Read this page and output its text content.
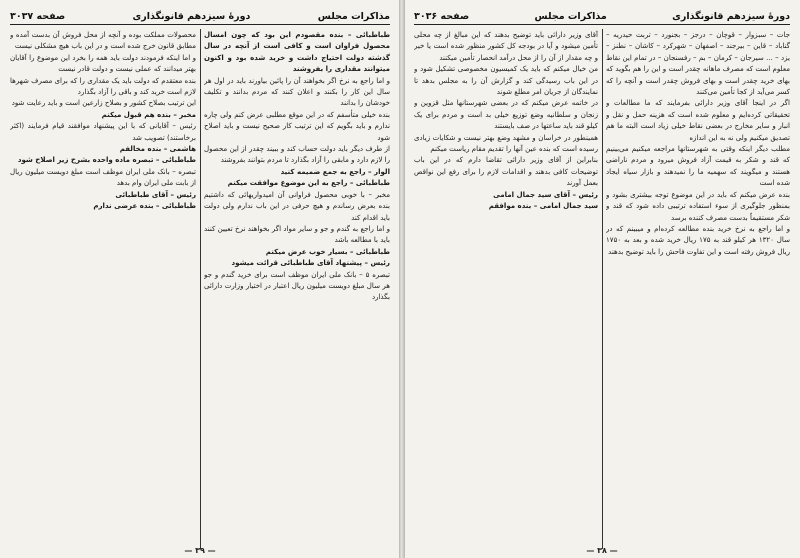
دورهٔ سیزدهم قانونگذاری
مذاکرات مجلس
صفحه ۳۰۳۶

جات – سبزوار – قوچان – درجز – بجنورد – تربت حیدریه – گناباد – قاین – بیرجند – اصفهان – شهرکرد – کاشان – نطنز – یزد – ... سیرجان – کرمان – بم – رفسنجان – در تمام این نقاط معلوم است که مصرف ماهانه چقدر است و این را هم بگوید که بهای خرید چقدر است و بهای فروش چقدر است و آنچه را که کسر می‌آید از کجا تأمین می‌کنند

اگر در اینجا آقای وزیر دارائی بفرمایند که ما مطالعات و تحقیقاتی کرده‌ایم و معلوم شده است که هزینه حمل و نقل و انبار و سایر مخارج در بعضی نقاط خیلی زیاد است البته ما هم تصدیق میکنیم ولی نه به این اندازه

مطلب دیگر اینکه وقتی به شهرستانها مراجعه میکنیم می‌بینیم که قند و شکر به قیمت آزاد فروش میرود و مردم ناراضی هستند و میگویند که سهمیه ما را نمیدهند و بازار سیاه ایجاد شده است

بنده عرض میکنم که باید در این موضوع توجه بیشتری بشود و بمنظور جلوگیری از سوء استفاده ترتیبی داده شود که قند و شکر مستقیماً بدست مصرف کننده برسد

و اما راجع به نرخ خرید بنده مطالعه کرده‌ام و میبینم که در سال ۱۳۲۰ هر کیلو قند به ۱۷۵ ریال خرید شده و بعد به ۱۷۵۰ ریال فروش رفته است و این تفاوت فاحش را باید توضیح بدهند

آقای وزیر دارائی باید توضیح بدهند که این مبالغ از چه محلی تأمین میشود و آیا در بودجه کل کشور منظور شده است یا خیر و چه مقدار از آن را از محل درآمد انحصار تأمین میکنند

من خیال میکنم که باید یک کمیسیون مخصوصی تشکیل شود و در این باب رسیدگی کند و گزارش آن را به مجلس بدهد تا نمایندگان از جریان امر مطلع شوند

در خاتمه عرض میکنم که در بعضی شهرستانها مثل قزوین و زنجان و سلطانیه وضع توزیع خیلی بد است و مردم برای یک کیلو قند باید ساعتها در صف بایستند

همینطور در خراسان و مشهد وضع بهتر نیست و شکایات زیادی رسیده است که بنده عین آنها را تقدیم مقام ریاست میکنم

بنابراین از آقای وزیر دارائی تقاضا دارم که در این باب توضیحات کافی بدهند و اقدامات لازم را برای رفع این نواقص بعمل آورند

رئیس – آقای سید جمال امامی

سید جمال امامی – بنده موافقم

— ۳۸ —
مذاکرات مجلس
دورهٔ سیزدهم قانونگذاری
صفحه ۳۰۳۷

طباطبائی – بنده مقصودم این بود که چون امسال محصول فراوان است و کافی است از آنچه در سال گذشته دولت احتیاج داشت و خرید شده بود و اکنون میتوانند مقداری را بفروشند

و اما راجع به نرخ اگر بخواهند آن را پائین بیاورند باید در اول هر سال این کار را بکنند و اعلان کنند که مردم بدانند و تکلیف خودشان را بدانند

بنده خیلی متأسفم که در این موقع مطلبی عرض کنم ولی چاره ندارم و باید بگویم که این ترتیب کار صحیح نیست و باید اصلاح شود

از طرف دیگر باید دولت حساب کند و ببیند چقدر از این محصول را لازم دارد و مابقی را آزاد بگذارد تا مردم بتوانند بفروشند

الوار – راجع به جمع ضمیمه کنید

طباطبائی – راجع به این موضوع موافقت میکنم

مخبر – با خوبی محصول فراوانی آن امیدواریهائی که داشتیم بنده بعرض رساندم و هیچ حرفی در این باب ندارم ولی دولت باید اقدام کند

و اما راجع به گندم و جو و سایر مواد اگر بخواهند نرخ تعیین کنند باید با مطالعه باشد

طباطبائی – بسیار خوب عرض میکنم

رئیس – پیشنهاد آقای طباطبائی قرائت میشود

تبصره ۵ – بانک ملی ایران موظف است برای خرید گندم و جو هر سال مبلغ دویست میلیون ریال اعتبار در اختیار وزارت دارائی بگذارد

محصولات مملکت بوده و آنچه از محل فروش آن بدست آمده و مطابق قانون خرج شده است و در این باب هیچ مشکلی نیست

و اما اینکه فرمودند دولت باید همه را بخرد این موضوع را آقایان بهتر میدانند که عملی نیست و دولت قادر نیست

بنده معتقدم که دولت باید یک مقداری را که برای مصرف شهرها لازم است خرید کند و باقی را آزاد بگذارد

این ترتیب بصلاح کشور و بصلاح زارعین است و باید رعایت شود

مخبر – بنده هم قبول میکنم

رئیس – آقایانی که با این پیشنهاد موافقند قیام فرمایند (اکثر برخاستند) تصویب شد

هاشمی – بنده مخالفم

طباطبائی – تبصره ماده واحده بشرح زیر اصلاح شود

تبصره – بانک ملی ایران موظف است مبلغ دویست میلیون ریال از بابت ملی ایران وام بدهد

رئیس – آقای طباطبائی

طباطبائی – بنده عرضی ندارم

— ۳۹ —
